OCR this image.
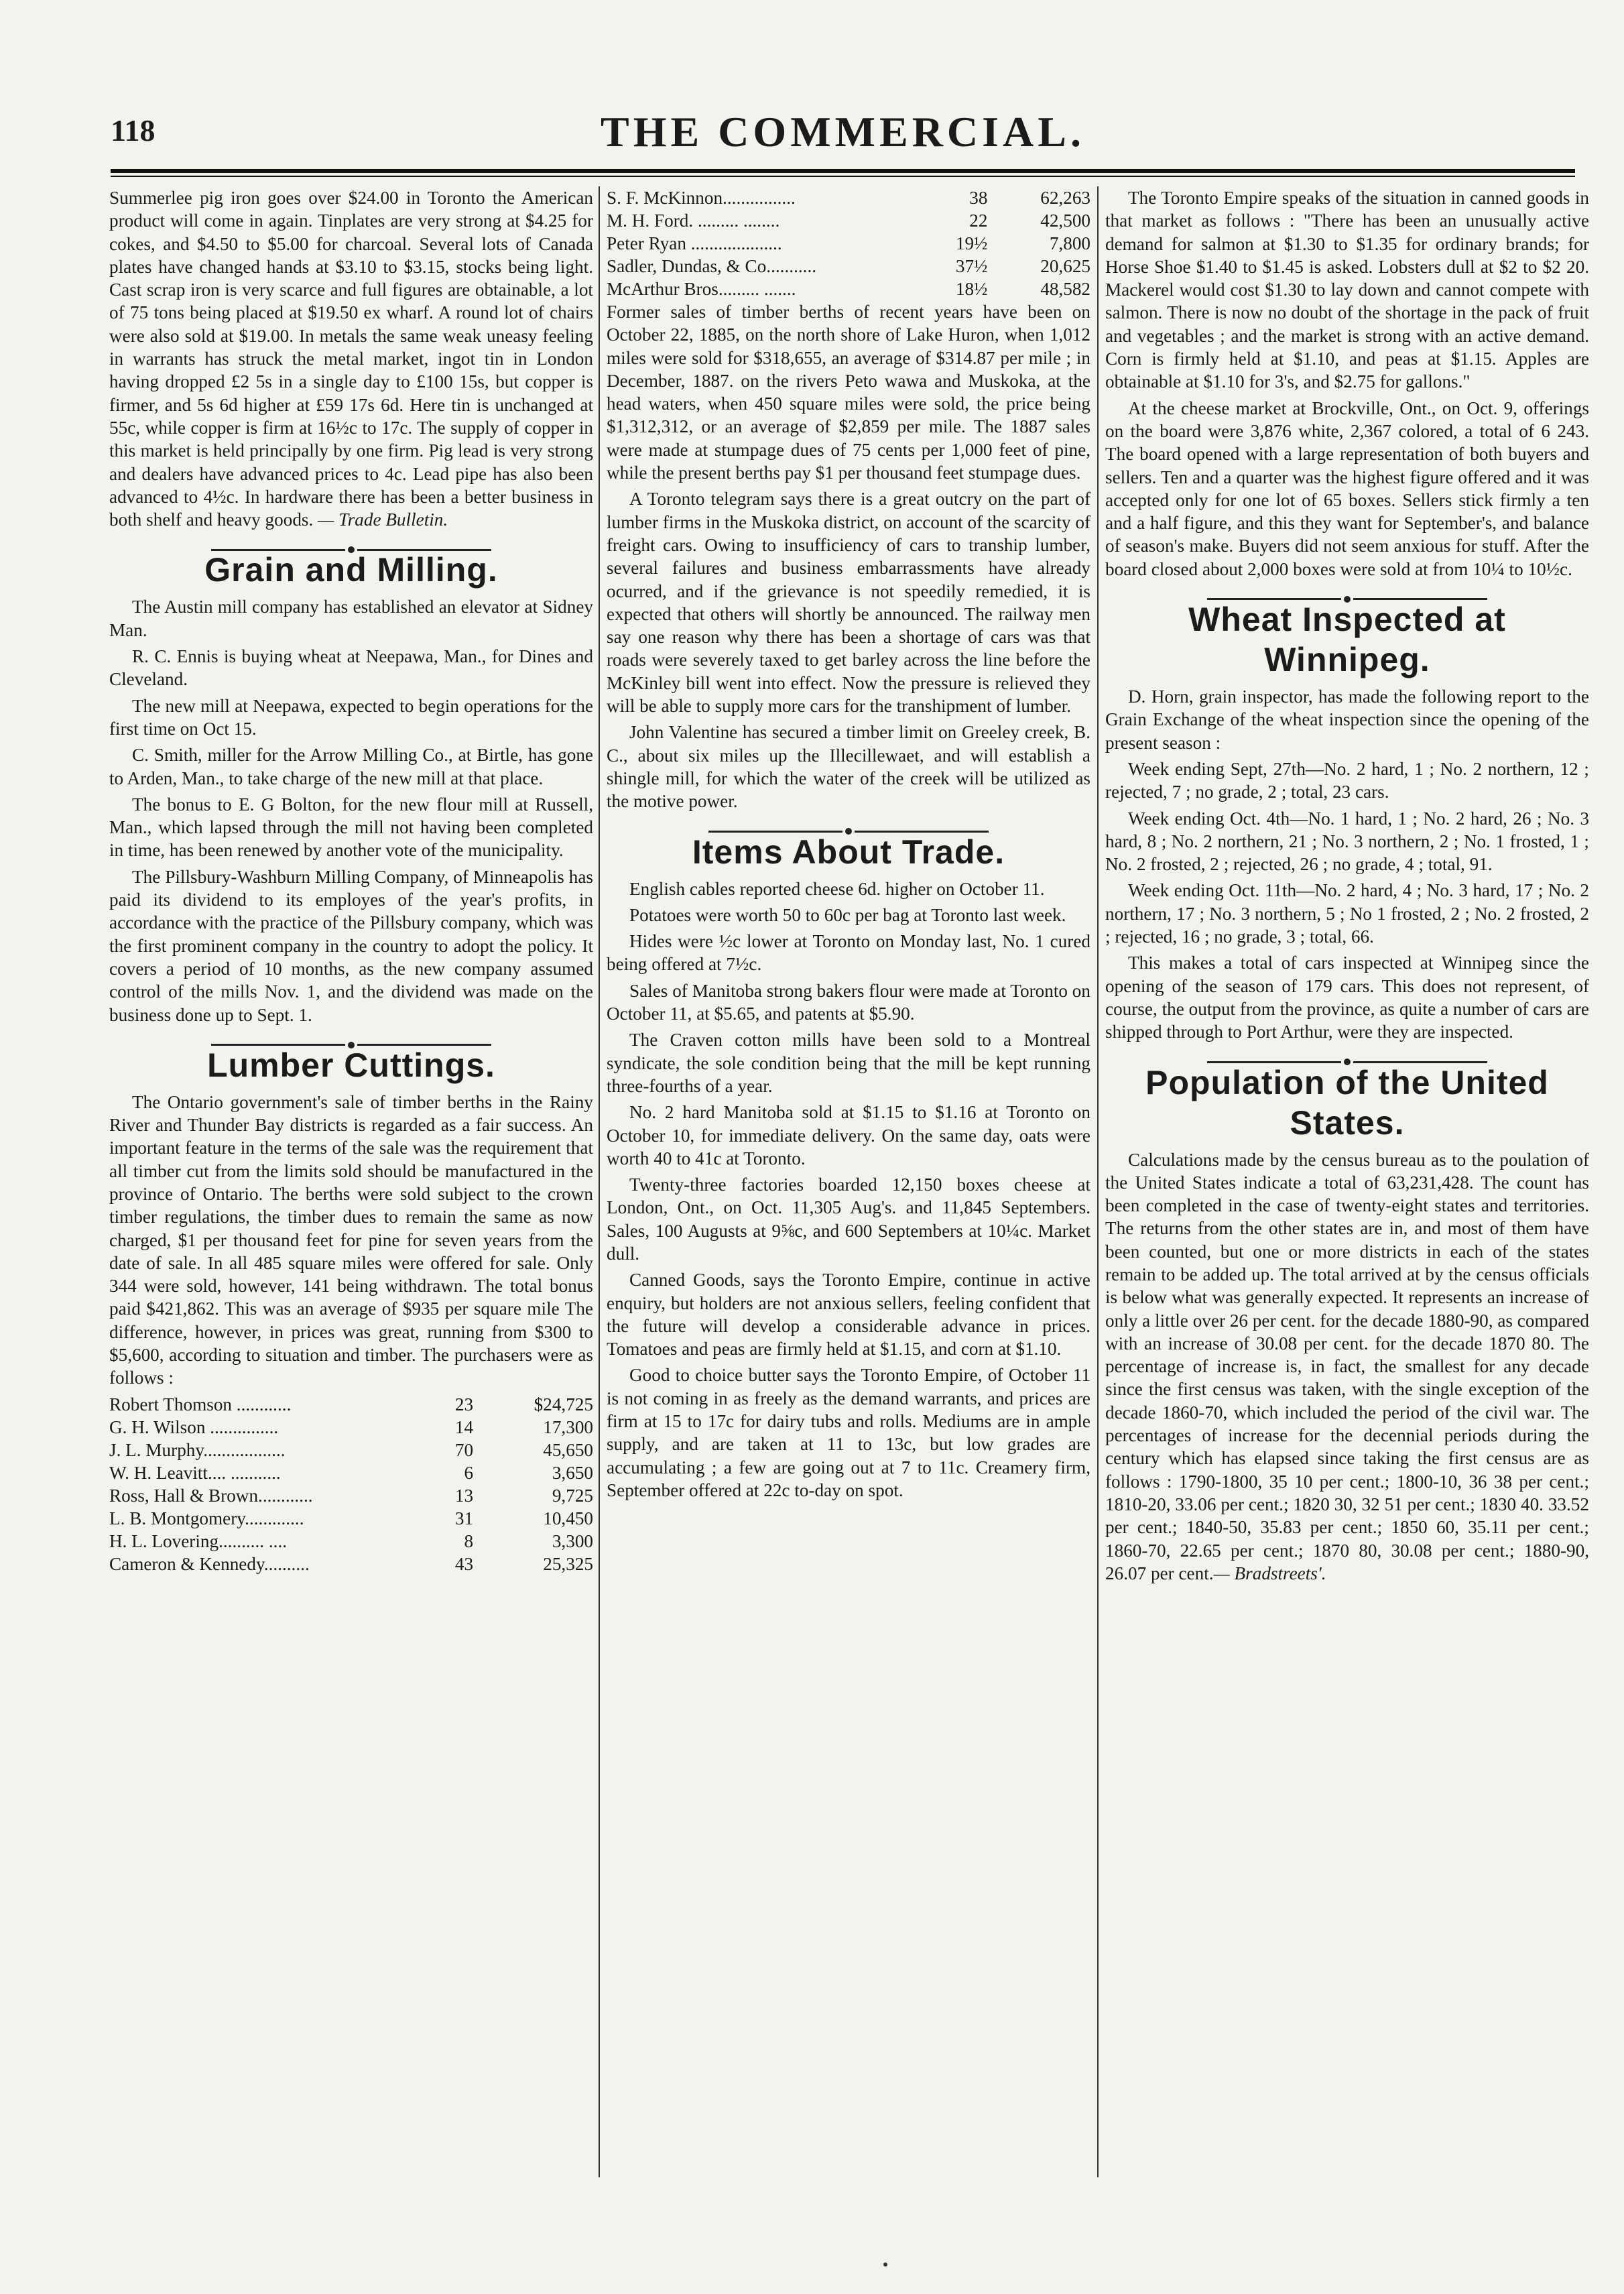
118	THE COMMERCIAL.

Summerlee pig iron goes over $24.00 in Toronto the American product will come in again. Tinplates are very strong at $4.25 for cokes, and $4.50 to $5.00 for charcoal. Several lots of Canada plates have changed hands at $3.10 to $3.15, stocks being light. Cast scrap iron is very scarce and full figures are obtainable, a lot of 75 tons being placed at $19.50 ex wharf. A round lot of chairs were also sold at $19.00. In metals the same weak uneasy feeling in warrants has struck the metal market, ingot tin in London having dropped £2 5s in a single day to £100 15s, but copper is firmer, and 5s 6d higher at £59 17s 6d. Here tin is unchanged at 55c, while copper is firm at 16½c to 17c. The supply of copper in this market is held principally by one firm. Pig lead is very strong and dealers have advanced prices to 4c. Lead pipe has also been advanced to 4½c. In hardware there has been a better business in both shelf and heavy goods. — Trade Bulletin.

Grain and Milling.

The Austin mill company has established an elevator at Sidney Man.

R. C. Ennis is buying wheat at Neepawa, Man., for Dines and Cleveland.

The new mill at Neepawa, expected to begin operations for the first time on Oct 15.

C. Smith, miller for the Arrow Milling Co., at Birtle, has gone to Arden, Man., to take charge of the new mill at that place.

The bonus to E. G Bolton, for the new flour mill at Russell, Man., which lapsed through the mill not having been completed in time, has been renewed by another vote of the municipality.

The Pillsbury-Washburn Milling Company, of Minneapolis has paid its dividend to its employes of the year's profits, in accordance with the practice of the Pillsbury company, which was the first prominent company in the country to adopt the policy. It covers a period of 10 months, as the new company assumed control of the mills Nov. 1, and the dividend was made on the business done up to Sept. 1.

Lumber Cuttings.

The Ontario government's sale of timber berths in the Rainy River and Thunder Bay districts is regarded as a fair success. An important feature in the terms of the sale was the requirement that all timber cut from the limits sold should be manufactured in the province of Ontario. The berths were sold subject to the crown timber regulations, the timber dues to remain the same as now charged, $1 per thousand feet for pine for seven years from the date of sale. In all 485 square miles were offered for sale. Only 344 were sold, however, 141 being withdrawn. The total bonus paid $421,862. This was an average of $935 per square mile The difference, however, in prices was great, running from $300 to $5,600, according to situation and timber. The purchasers were as follows :

Robert Thomson ............	23	$24,725
G. H. Wilson ...............	14	17,300
J. L. Murphy..................	70	45,650
W. H. Leavitt.... ...........	6	3,650
Ross, Hall & Brown............	13	9,725
L. B. Montgomery.............	31	10,450
H. L. Lovering.......... ....	8	3,300
Cameron & Kennedy..........	43	25,325
S. F. McKinnon................	38	62,263
M. H. Ford. ......... ........	22	42,500
Peter Ryan ....................	19½	7,800
Sadler, Dundas, & Co...........	37½	20,625
McArthur Bros......... .......	18½	48,582

Former sales of timber berths of recent years have been on October 22, 1885, on the north shore of Lake Huron, when 1,012 miles were sold for $318,655, an average of $314.87 per mile ; in December, 1887. on the rivers Peto wawa and Muskoka, at the head waters, when 450 square miles were sold, the price being $1,312,312, or an average of $2,859 per mile. The 1887 sales were made at stumpage dues of 75 cents per 1,000 feet of pine, while the present berths pay $1 per thousand feet stumpage dues.

A Toronto telegram says there is a great outcry on the part of lumber firms in the Muskoka district, on account of the scarcity of freight cars. Owing to insufficiency of cars to tranship lumber, several failures and business embarrassments have already ocurred, and if the grievance is not speedily remedied, it is expected that others will shortly be announced. The railway men say one reason why there has been a shortage of cars was that roads were severely taxed to get barley across the line before the McKinley bill went into effect. Now the pressure is relieved they will be able to supply more cars for the transhipment of lumber.

John Valentine has secured a timber limit on Greeley creek, B. C., about six miles up the Illecillewaet, and will establish a shingle mill, for which the water of the creek will be utilized as the motive power.

Items About Trade.

English cables reported cheese 6d. higher on October 11.

Potatoes were worth 50 to 60c per bag at Toronto last week.

Hides were ½c lower at Toronto on Monday last, No. 1 cured being offered at 7½c.

Sales of Manitoba strong bakers flour were made at Toronto on October 11, at $5.65, and patents at $5.90.

The Craven cotton mills have been sold to a Montreal syndicate, the sole condition being that the mill be kept running three-fourths of a year.

No. 2 hard Manitoba sold at $1.15 to $1.16 at Toronto on October 10, for immediate delivery. On the same day, oats were worth 40 to 41c at Toronto.

Twenty-three factories boarded 12,150 boxes cheese at London, Ont., on Oct. 11,305 Aug's. and 11,845 Septembers. Sales, 100 Augusts at 9⅝c, and 600 Septembers at 10¼c. Market dull.

Canned Goods, says the Toronto Empire, continue in active enquiry, but holders are not anxious sellers, feeling confident that the future will develop a considerable advance in prices. Tomatoes and peas are firmly held at $1.15, and corn at $1.10.

Good to choice butter says the Toronto Empire, of October 11 is not coming in as freely as the demand warrants, and prices are firm at 15 to 17c for dairy tubs and rolls. Mediums are in ample supply, and are taken at 11 to 13c, but low grades are accumulating ; a few are going out at 7 to 11c. Creamery firm, September offered at 22c to-day on spot.

The Toronto Empire speaks of the situation in canned goods in that market as follows : "There has been an unusually active demand for salmon at $1.30 to $1.35 for ordinary brands; for Horse Shoe $1.40 to $1.45 is asked. Lobsters dull at $2 to $2 20. Mackerel would cost $1.30 to lay down and cannot compete with salmon. There is now no doubt of the shortage in the pack of fruit and vegetables ; and the market is strong with an active demand. Corn is firmly held at $1.10, and peas at $1.15. Apples are obtainable at $1.10 for 3's, and $2.75 for gallons."

At the cheese market at Brockville, Ont., on Oct. 9, offerings on the board were 3,876 white, 2,367 colored, a total of 6 243. The board opened with a large representation of both buyers and sellers. Ten and a quarter was the highest figure offered and it was accepted only for one lot of 65 boxes. Sellers stick firmly a ten and a half figure, and this they want for September's, and balance of season's make. Buyers did not seem anxious for stuff. After the board closed about 2,000 boxes were sold at from 10¼ to 10½c.

Wheat Inspected at Winnipeg.

D. Horn, grain inspector, has made the following report to the Grain Exchange of the wheat inspection since the opening of the present season :

Week ending Sept, 27th—No. 2 hard, 1 ; No. 2 northern, 12 ; rejected, 7 ; no grade, 2 ; total, 23 cars.

Week ending Oct. 4th—No. 1 hard, 1 ; No. 2 hard, 26 ; No. 3 hard, 8 ; No. 2 northern, 21 ; No. 3 northern, 2 ; No. 1 frosted, 1 ; No. 2 frosted, 2 ; rejected, 26 ; no grade, 4 ; total, 91.

Week ending Oct. 11th—No. 2 hard, 4 ; No. 3 hard, 17 ; No. 2 northern, 17 ; No. 3 northern, 5 ; No 1 frosted, 2 ; No. 2 frosted, 2 ; rejected, 16 ; no grade, 3 ; total, 66.

This makes a total of cars inspected at Winnipeg since the opening of the season of 179 cars. This does not represent, of course, the output from the province, as quite a number of cars are shipped through to Port Arthur, were they are inspected.

Population of the United States.

Calculations made by the census bureau as to the poulation of the United States indicate a total of 63,231,428. The count has been completed in the case of twenty-eight states and territories. The returns from the other states are in, and most of them have been counted, but one or more districts in each of the states remain to be added up. The total arrived at by the census officials is below what was generally expected. It represents an increase of only a little over 26 per cent. for the decade 1880-90, as compared with an increase of 30.08 per cent. for the decade 1870 80. The percentage of increase is, in fact, the smallest for any decade since the first census was taken, with the single exception of the decade 1860-70, which included the period of the civil war. The percentages of increase for the decennial periods during the century which has elapsed since taking the first census are as follows : 1790-1800, 35 10 per cent.; 1800-10, 36 38 per cent.; 1810-20, 33.06 per cent.; 1820 30, 32 51 per cent.; 1830 40. 33.52 per cent.; 1840-50, 35.83 per cent.; 1850 60, 35.11 per cent.; 1860-70, 22.65 per cent.; 1870 80, 30.08 per cent.; 1880-90, 26.07 per cent.— Bradstreets'.
